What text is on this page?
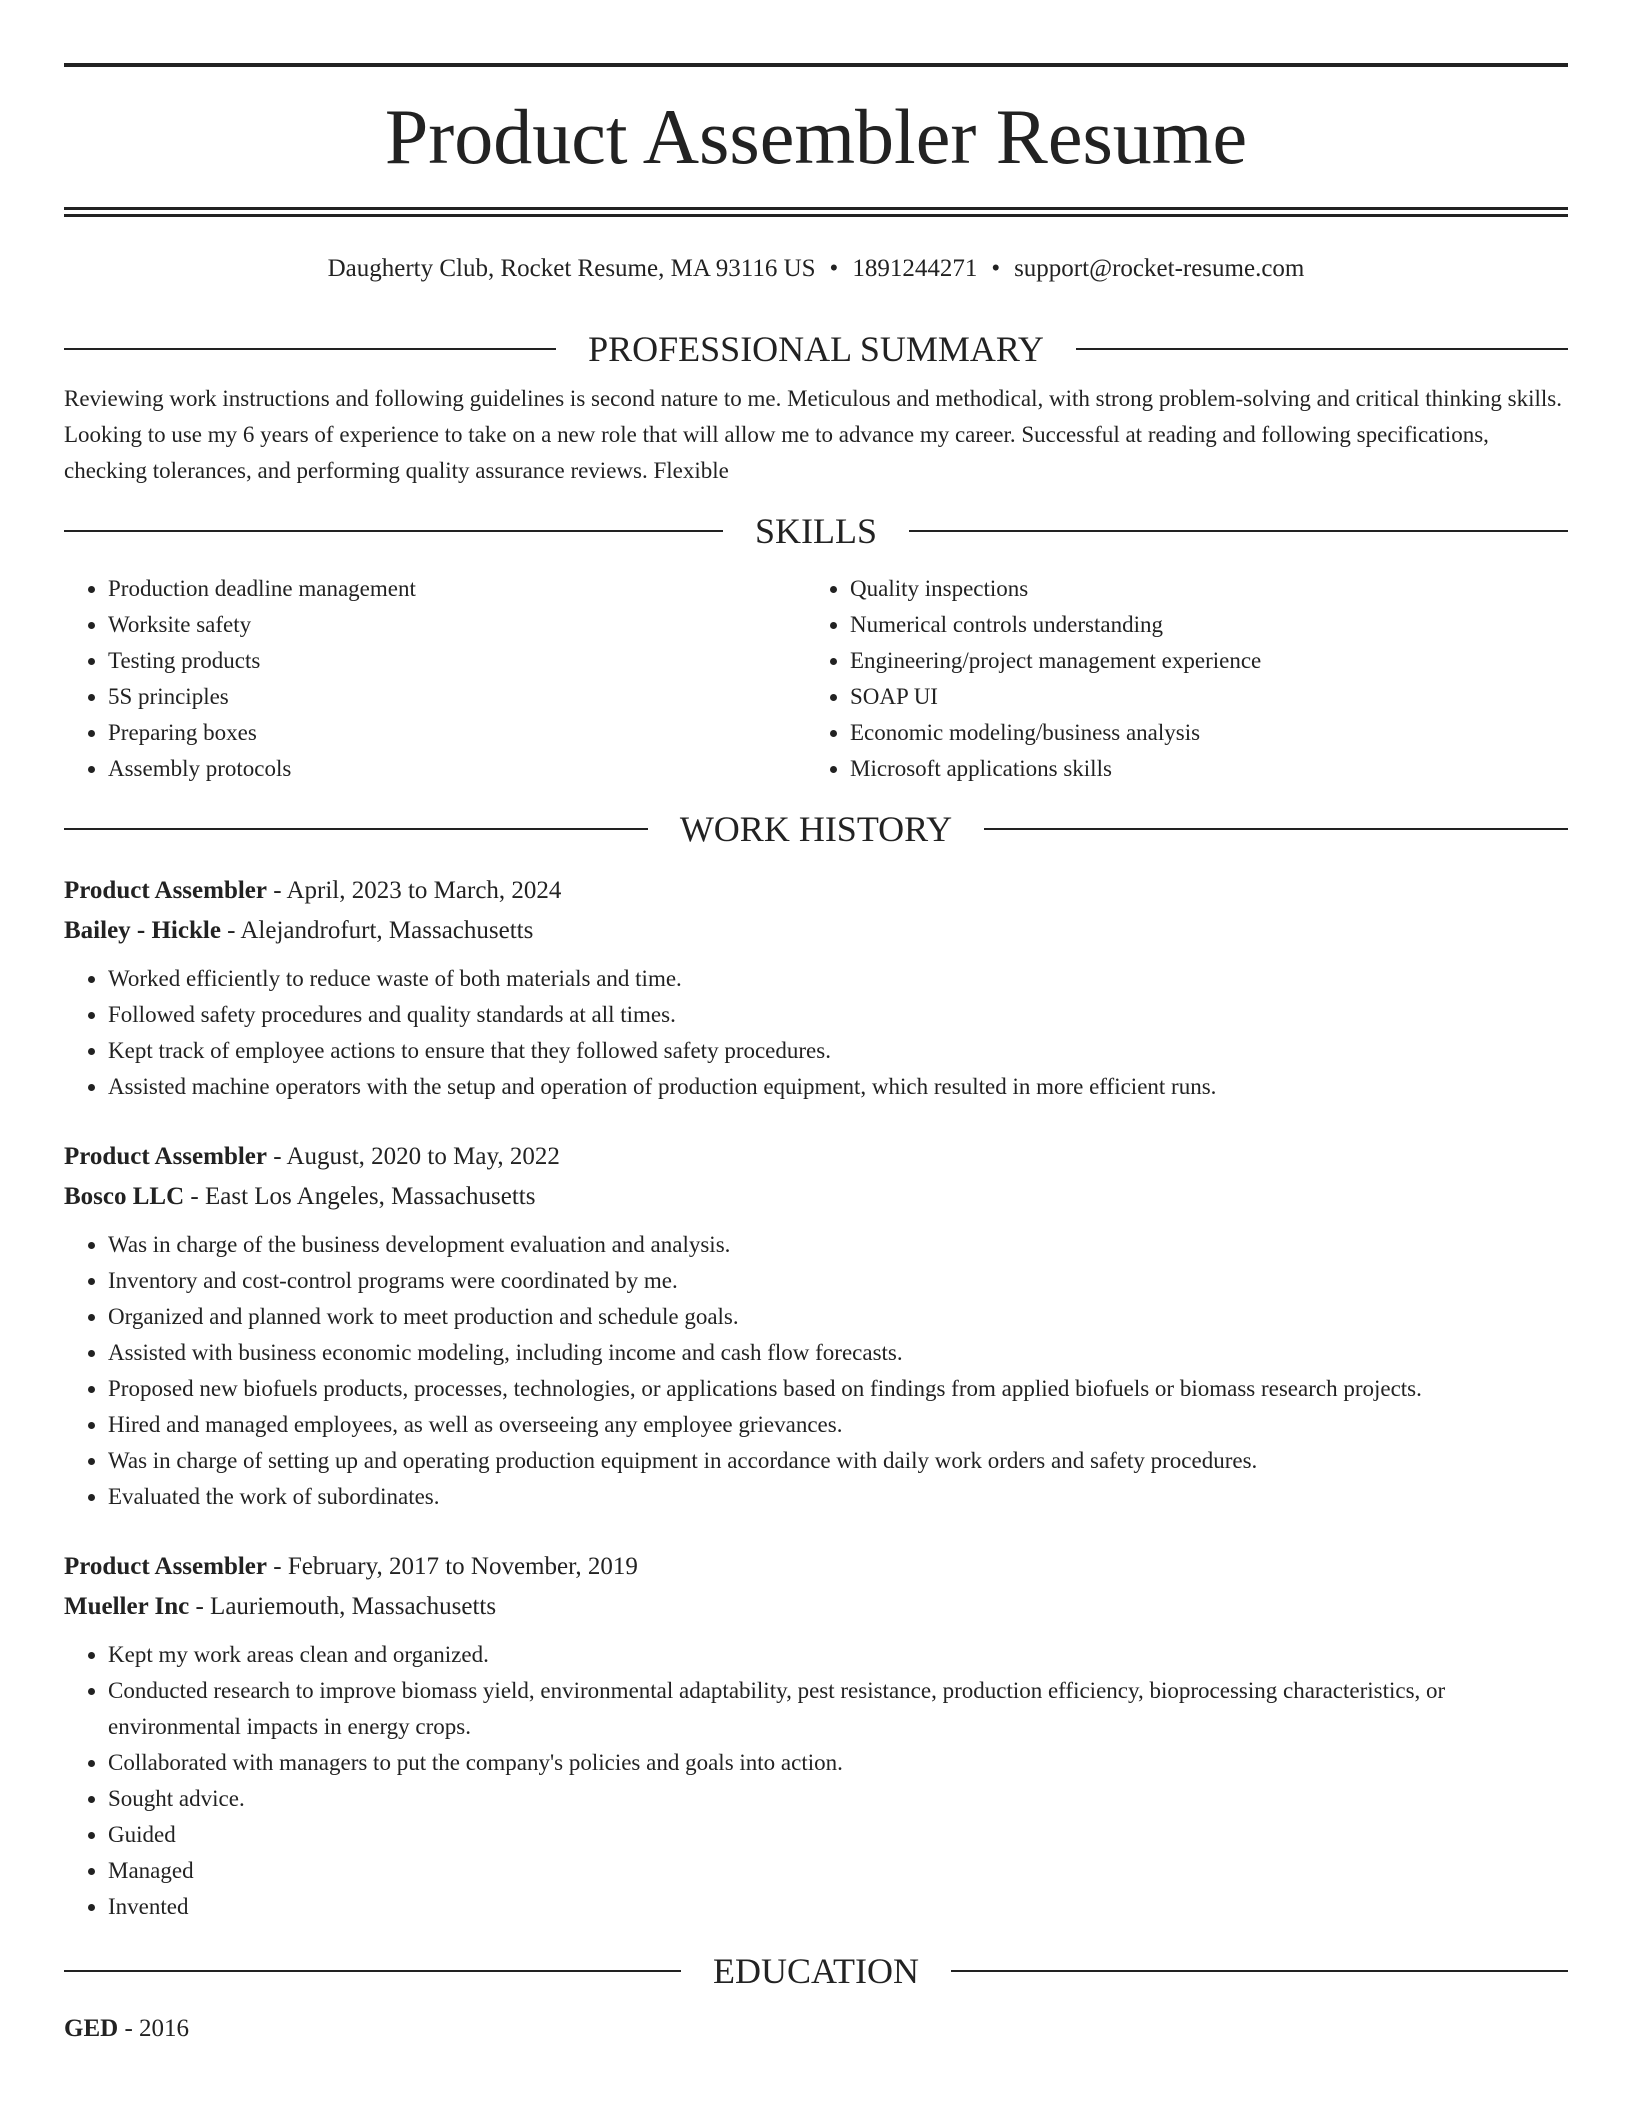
Product Assembler Resume
Daugherty Club, Rocket Resume, MA 93116 US • 1891244271 • support@rocket-resume.com
PROFESSIONAL SUMMARY

Reviewing work instructions and following guidelines is second nature to me. Meticulous and methodical, with strong problem-solving and critical thinking skills. Looking to use my 6 years of experience to take on a new role that will allow me to advance my career. Successful at reading and following specifications, checking tolerances, and performing quality assurance reviews. Flexible

SKILLS
• Production deadline management
• Worksite safety
• Testing products
• 5S principles
• Preparing boxes
• Assembly protocols
• Quality inspections
• Numerical controls understanding
• Engineering/project management experience
• SOAP UI
• Economic modeling/business analysis
• Microsoft applications skills
WORK HISTORY
Product Assembler - April, 2023 to March, 2024
Bailey - Hickle - Alejandrofurt, Massachusetts
• Worked efficiently to reduce waste of both materials and time.
• Followed safety procedures and quality standards at all times.
• Kept track of employee actions to ensure that they followed safety procedures.
• Assisted machine operators with the setup and operation of production equipment, which resulted in more efficient runs.
Product Assembler - August, 2020 to May, 2022
Bosco LLC - East Los Angeles, Massachusetts
• Was in charge of the business development evaluation and analysis.
• Inventory and cost-control programs were coordinated by me.
• Organized and planned work to meet production and schedule goals.
• Assisted with business economic modeling, including income and cash flow forecasts.
• Proposed new biofuels products, processes, technologies, or applications based on findings from applied biofuels or biomass research projects.
• Hired and managed employees, as well as overseeing any employee grievances.
• Was in charge of setting up and operating production equipment in accordance with daily work orders and safety procedures.
• Evaluated the work of subordinates.
Product Assembler - February, 2017 to November, 2019
Mueller Inc - Lauriemouth, Massachusetts
• Kept my work areas clean and organized.
• Conducted research to improve biomass yield, environmental adaptability, pest resistance, production efficiency, bioprocessing characteristics, or environmental impacts in energy crops.
• Collaborated with managers to put the company's policies and goals into action.
• Sought advice.
• Guided
• Managed
• Invented
EDUCATION
GED - 2016
